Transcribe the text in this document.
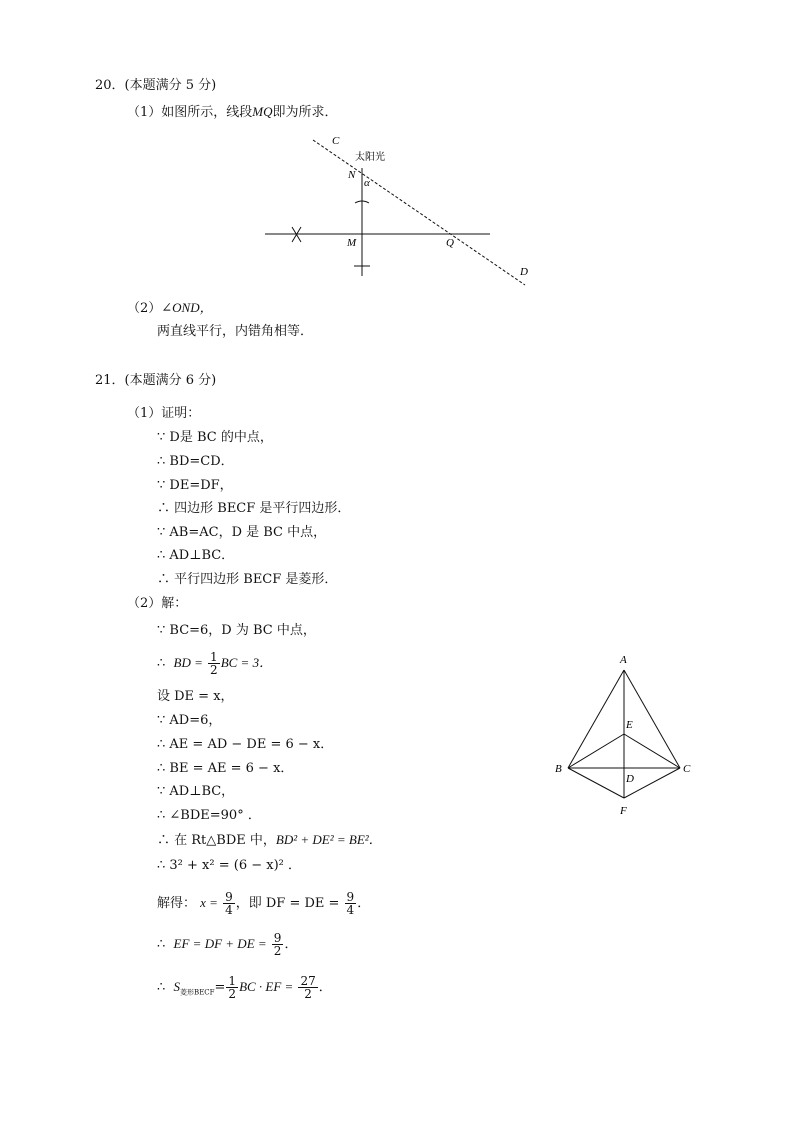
20．(本题满分 5 分)
（1）如图所示，线段MQ即为所求．
C
太阳光
N
α
M	Q
D
（2）∠OND，
两直线平行，内错角相等．
21．(本题满分 6 分)
（1）证明：
∵ D是 BC 的中点，
∴ BD=CD．
∵ DE=DF，
∴ 四边形 BECF 是平行四边形．
∵ AB=AC，D 是 BC 中点，
∴ AD⊥BC．
∴ 平行四边形 BECF 是菱形．
（2）解：
∵ BC=6，D 为 BC 中点，
∴ BD = $\frac{1}{2}$ BC = 3．
设 DE = x，
∵ AD=6，
∴ AE = AD − DE = 6 − x．
∴ BE = AE = 6 − x．
∵ AD⊥BC，
∴ ∠BDE=90° ．
∴ 在 Rt△BDE 中，BD² + DE² = BE²．
∴ 3² + x² = (6 − x)² ．
解得： $x = \frac{9}{4}$ ，即 DF = DE = $\frac{9}{4}$ ．
∴ EF = DF + DE = $\frac{9}{2}$ ．
∴ $S_{菱形BECF}= \frac{1}{2}$ BC · EF = $\frac{27}{2}$ ．
A
E
B
D
C
F
